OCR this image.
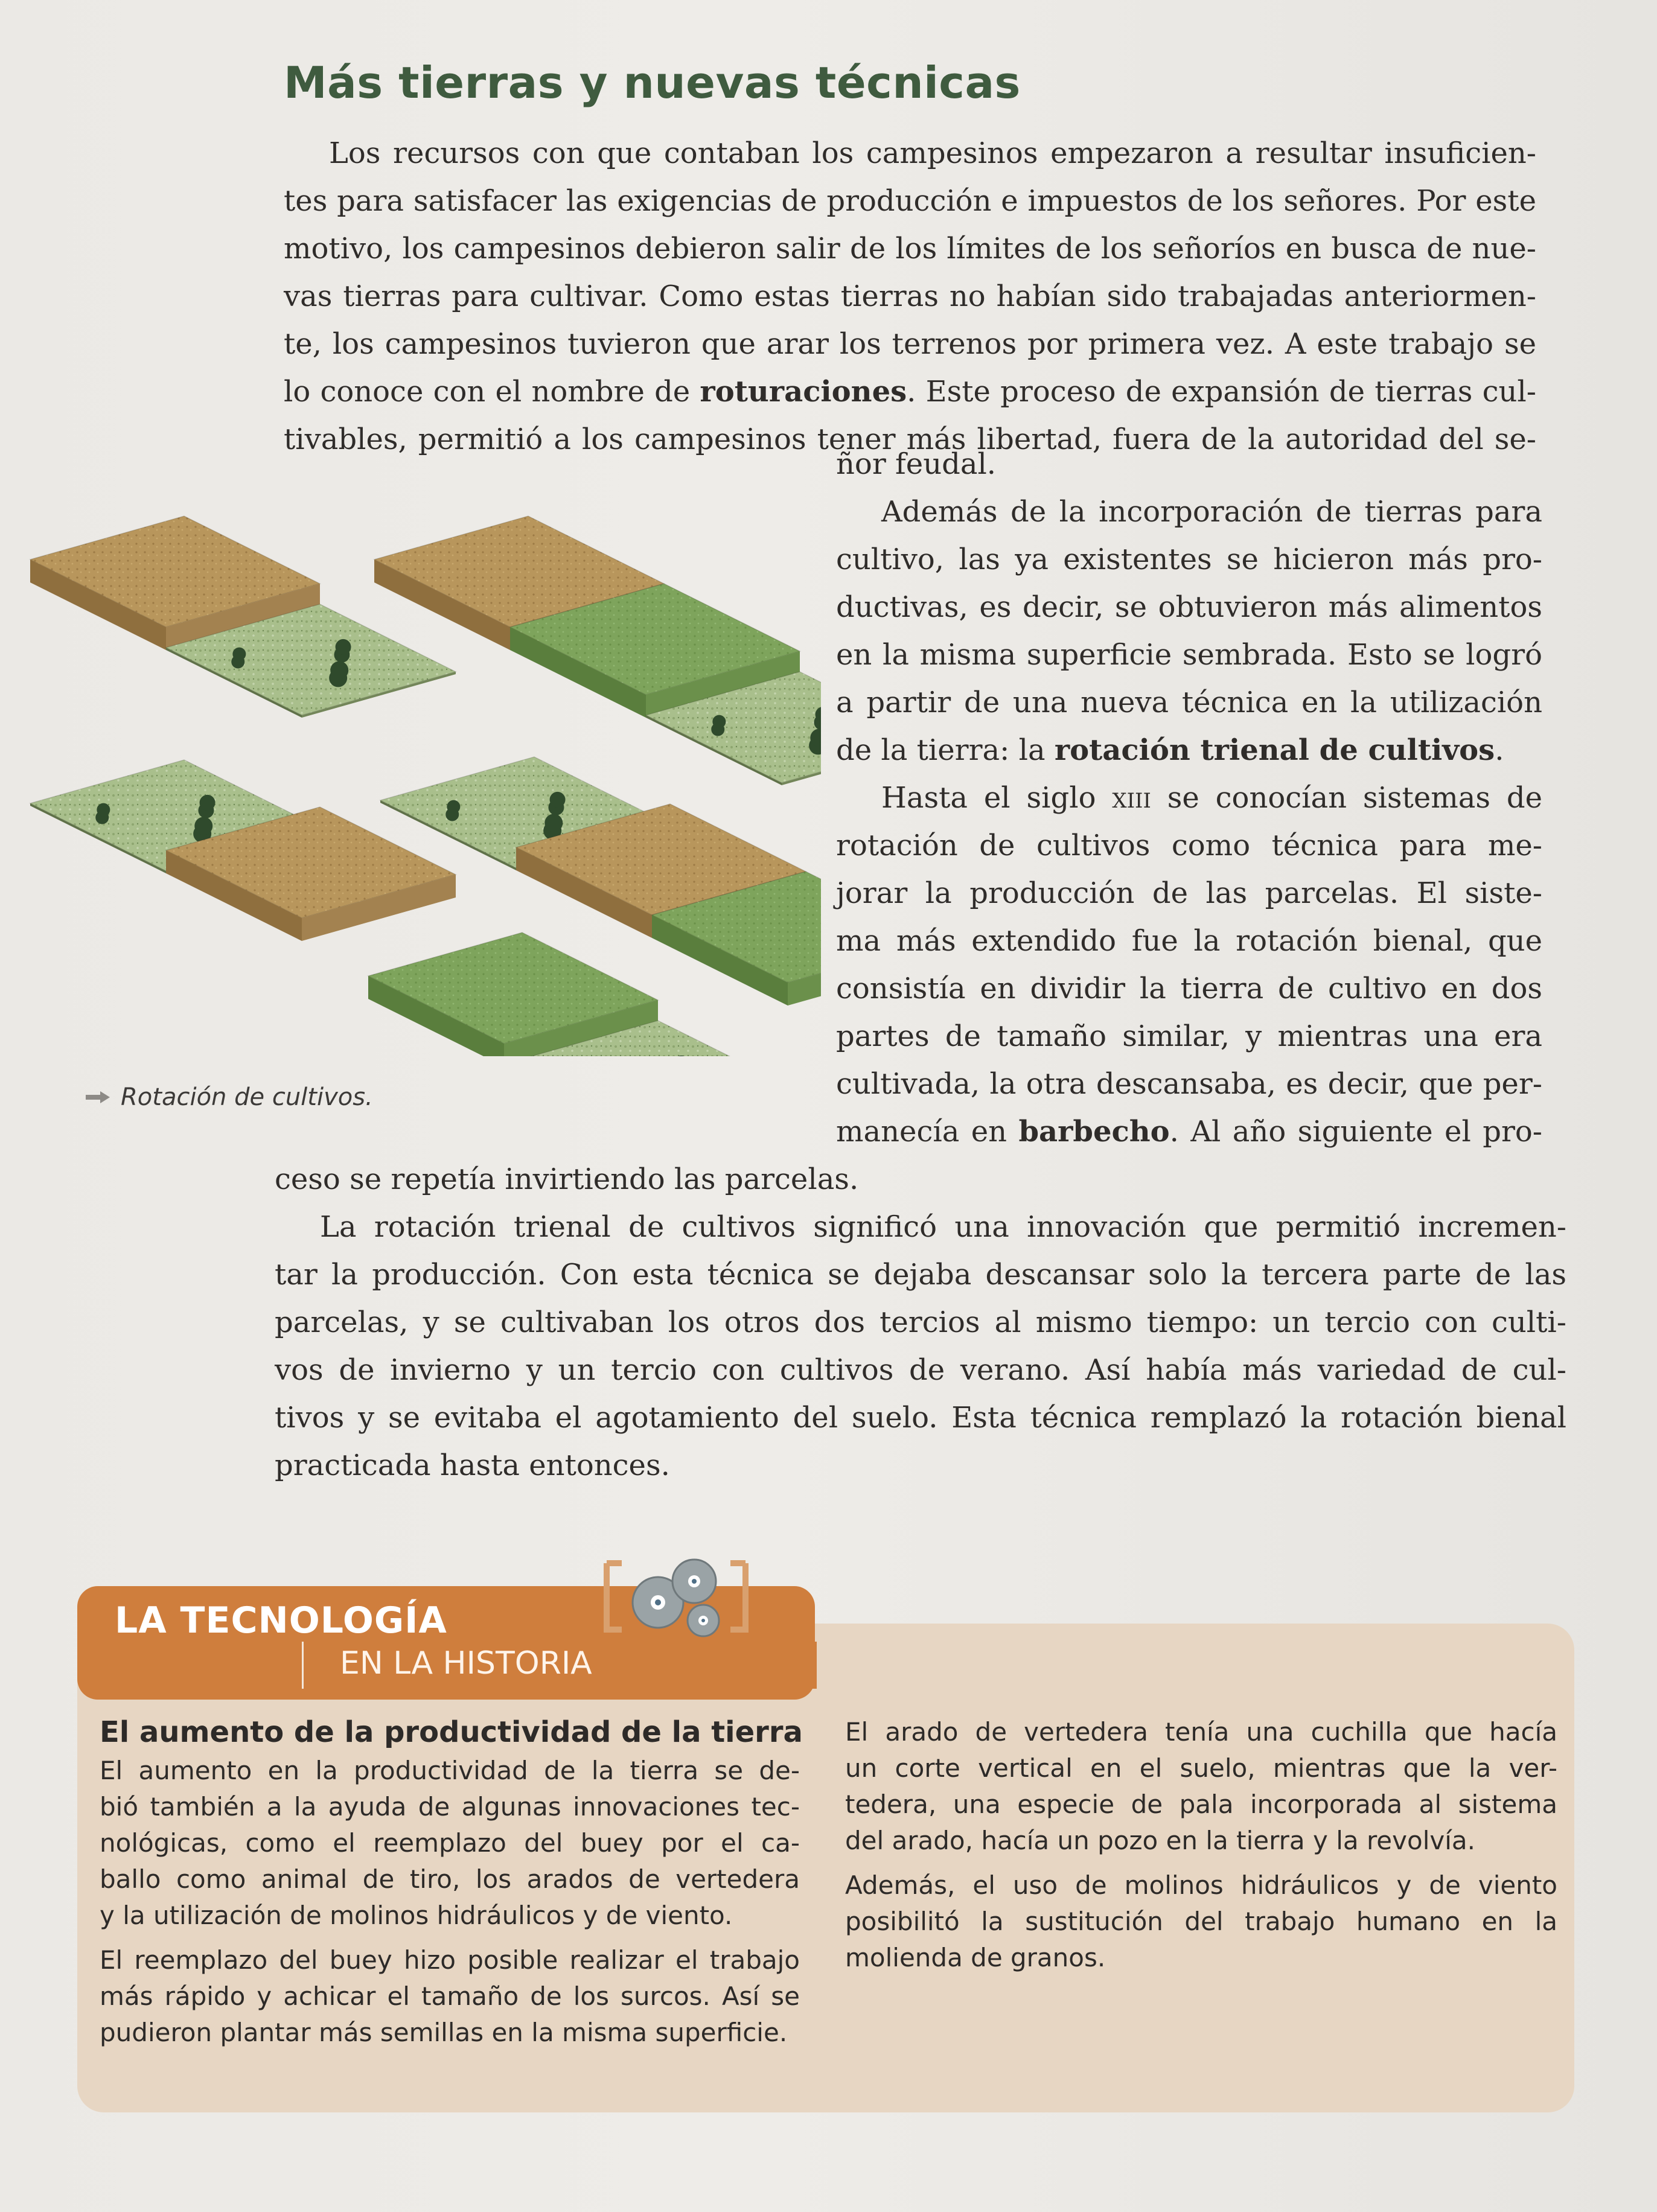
Más tierras y nuevas técnicas
Los recursos con que contaban los campesinos empezaron a resultar insuficien-
tes para satisfacer las exigencias de producción e impuestos de los señores. Por este
motivo, los campesinos debieron salir de los límites de los señoríos en busca de nue-
vas tierras para cultivar. Como estas tierras no habían sido trabajadas anteriormen-
te, los campesinos tuvieron que arar los terrenos por primera vez. A este trabajo se
lo conoce con el nombre de roturaciones. Este proceso de expansión de tierras cul-
tivables, permitió a los campesinos tener más libertad, fuera de la autoridad del se-
ñor feudal.
Además de la incorporación de tierras para
cultivo, las ya existentes se hicieron más pro-
ductivas, es decir, se obtuvieron más alimentos
en la misma superficie sembrada. Esto se logró
a partir de una nueva técnica en la utilización
de la tierra: la rotación trienal de cultivos.
Hasta el siglo xiii se conocían sistemas de
rotación de cultivos como técnica para me-
jorar la producción de las parcelas. El siste-
ma más extendido fue la rotación bienal, que
consistía en dividir la tierra de cultivo en dos
partes de tamaño similar, y mientras una era
cultivada, la otra descansaba, es decir, que per-
manecía en barbecho. Al año siguiente el pro-
ceso se repetía invirtiendo las parcelas.
La rotación trienal de cultivos significó una innovación que permitió incremen-
tar la producción. Con esta técnica se dejaba descansar solo la tercera parte de las
parcelas, y se cultivaban los otros dos tercios al mismo tiempo: un tercio con culti-
vos de invierno y un tercio con cultivos de verano. Así había más variedad de cul-
tivos y se evitaba el agotamiento del suelo. Esta técnica remplazó la rotación bienal
practicada hasta entonces.
Rotación de cultivos.
EN LA HISTORIA
LA TECNOLOGÍA
El aumento de la productividad de la tierra
El aumento en la productividad de la tierra se de-
bió también a la ayuda de algunas innovaciones tec-
nológicas, como el reemplazo del buey por el ca-
ballo como animal de tiro, los arados de vertedera
y la utilización de molinos hidráulicos y de viento.
El reemplazo del buey hizo posible realizar el trabajo
más rápido y achicar el tamaño de los surcos. Así se
pudieron plantar más semillas en la misma superficie.
El arado de vertedera tenía una cuchilla que hacía
un corte vertical en el suelo, mientras que la ver-
tedera, una especie de pala incorporada al sistema
del arado, hacía un pozo en la tierra y la revolvía.
Además, el uso de molinos hidráulicos y de viento
posibilitó la sustitución del trabajo humano en la
molienda de granos.
